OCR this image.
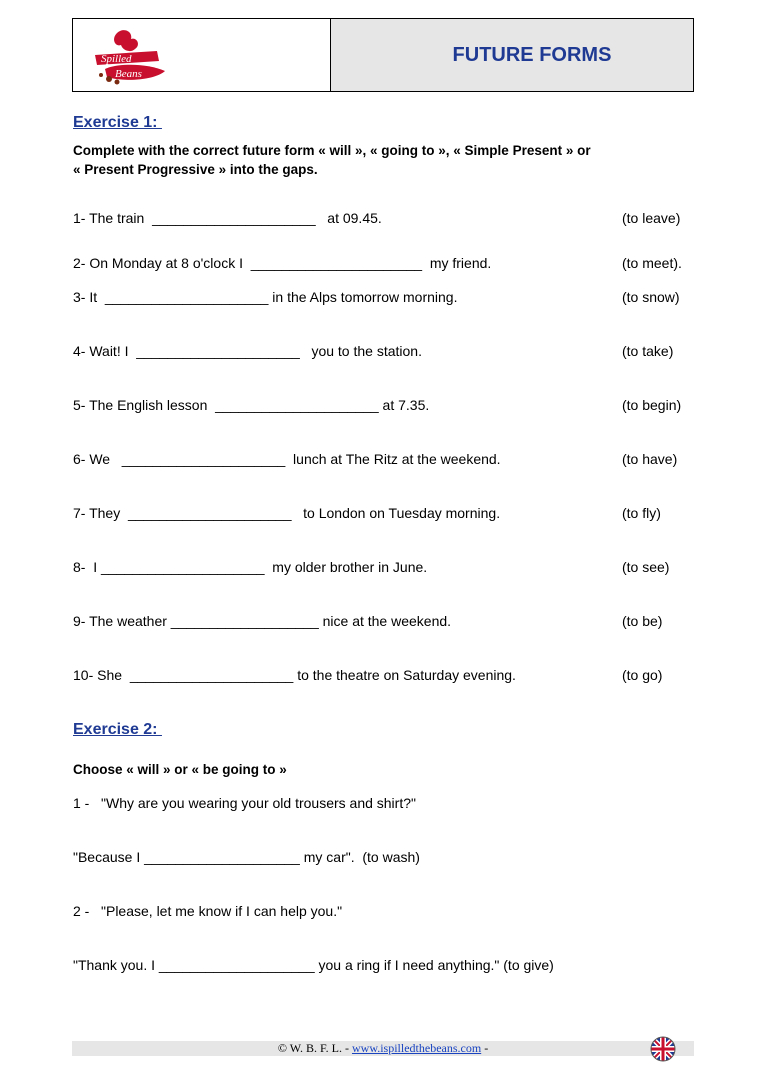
Spilled
Beans
FUTURE FORMS
Exercise 1:
Complete with the correct future form « will », « going to », « Simple Present » or
« Present Progressive » into the gaps.
1- The train  _____________________   at 09.45.	(to leave)
2- On Monday at 8 o'clock I  ______________________  my friend.	(to meet).
3- It  _____________________ in the Alps tomorrow morning.	(to snow)
4- Wait! I  _____________________   you to the station.	(to take)
5- The English lesson  _____________________ at 7.35.	(to begin)
6- We   _____________________  lunch at The Ritz at the weekend.	(to have)
7- They  _____________________   to London on Tuesday morning.	(to fly)
8-  I _____________________  my older brother in June.	(to see)
9- The weather ___________________ nice at the weekend.	(to be)
10- She  _____________________ to the theatre on Saturday evening.	(to go)
Exercise 2:
Choose « will » or « be going to »
1 -   "Why are you wearing your old trousers and shirt?"
"Because I ____________________ my car".  (to wash)
2 -   "Please, let me know if I can help you."
"Thank you. I ____________________ you a ring if I need anything." (to give)
© W. B. F. L. - www.ispilledthebeans.com -
